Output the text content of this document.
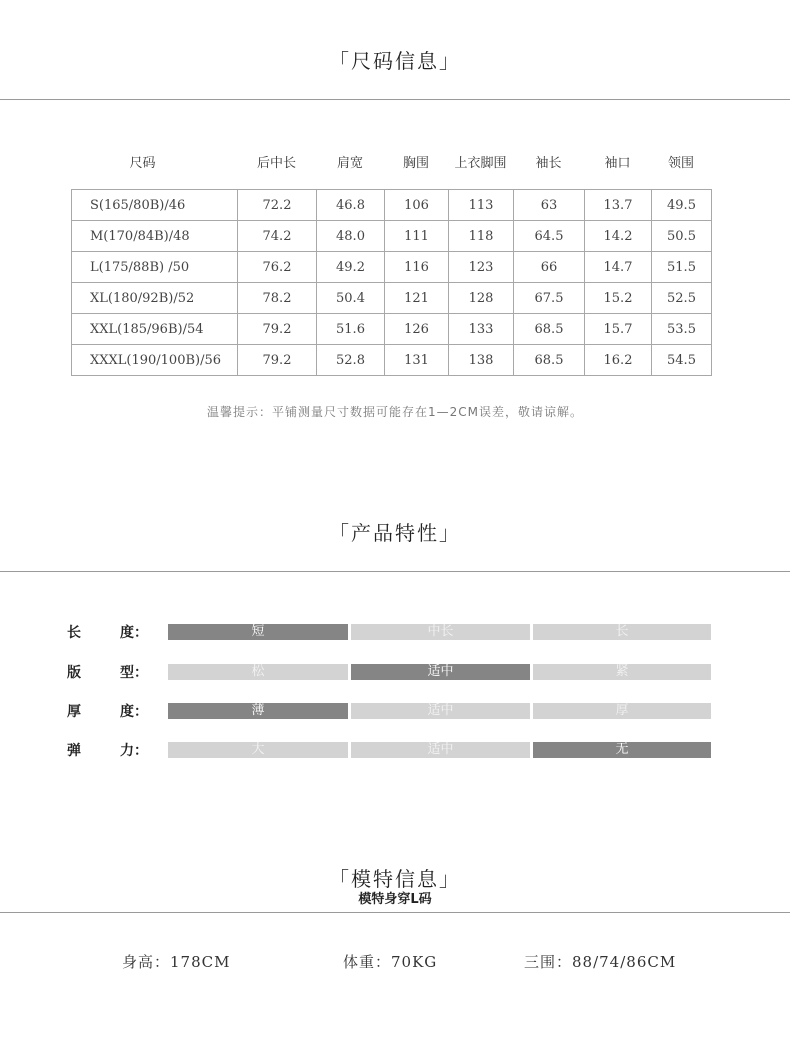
「尺码信息」
尺码	后中长	肩宽	胸围	上衣脚围	袖长	袖口	领围
S(165/80B)/46	72.2	46.8	106	113	63	13.7	49.5
M(170/84B)/48	74.2	48.0	111	118	64.5	14.2	50.5
L(175/88B) /50	76.2	49.2	116	123	66	14.7	51.5
XL(180/92B)/52	78.2	50.4	121	128	67.5	15.2	52.5
XXL(185/96B)/54	79.2	51.6	126	133	68.5	15.7	53.5
XXXL(190/100B)/56	79.2	52.8	131	138	68.5	16.2	54.5
温馨提示：平铺测量尺寸数据可能存在1—2CM误差，敬请谅解。
「产品特性」
长	度：	短	中长	长
版	型：	松	适中	紧
厚	度：	薄	适中	厚
弹	力：	大	适中	无
「模特信息」
模特身穿L码
身高：178CM	体重：70KG	三围：88/74/86CM
